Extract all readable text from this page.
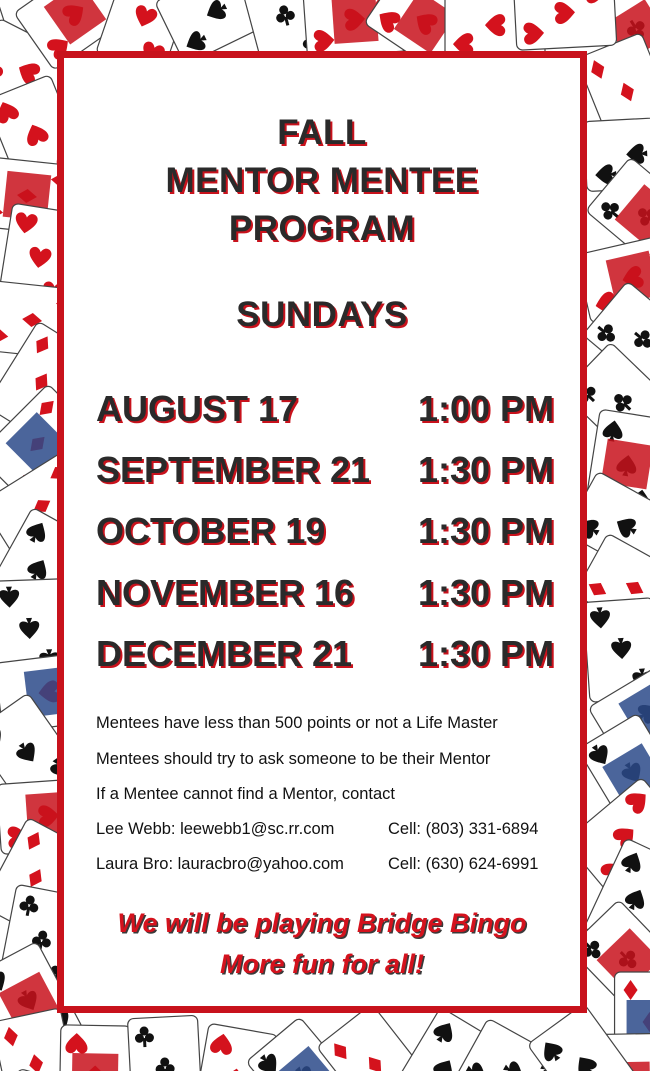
FALL
MENTOR MENTEE
PROGRAM
SUNDAYS
AUGUST 17	1:00 PM
SEPTEMBER 21 1:30 PM
OCTOBER 19	1:30 PM
NOVEMBER 16 1:30 PM
DECEMBER 21 1:30 PM
Mentees have less than 500 points or not a Life Master
Mentees should try to ask someone to be their Mentor
If a Mentee cannot find a Mentor, contact
Lee Webb: leewebb1@sc.rr.com	Cell: (803) 331-6894
Laura Bro: lauracbro@yahoo.com	Cell: (630) 624-6991
We will be playing Bridge Bingo
More fun for all!
